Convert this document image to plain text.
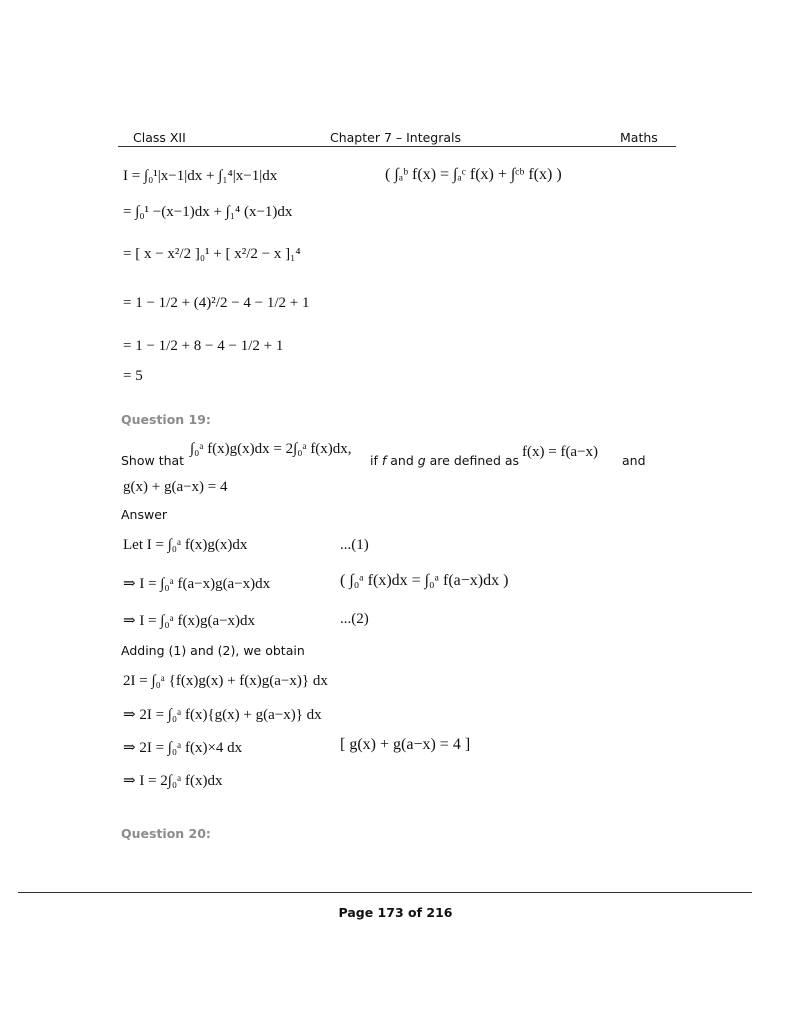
Class XII	Chapter 7 – Integrals	Maths
I = ∫₀¹|x−1|dx + ∫₁⁴|x−1|dx	( ∫ₐᵇ f(x) = ∫ₐᶜ f(x) + ∫ᶜᵇ f(x) )
= ∫₀¹ −(x−1)dx + ∫₁⁴ (x−1)dx
= [ x − x²/2 ]₀¹ + [ x²/2 − x ]₁⁴
= 1 − 1/2 + (4)²/2 − 4 − 1/2 + 1
= 1 − 1/2 + 8 − 4 − 1/2 + 1
= 5
Question 19:
Show that
∫₀ᵃ f(x)g(x)dx = 2∫₀ᵃ f(x)dx,
if f and g are defined as
f(x) = f(a−x)
and
g(x) + g(a−x) = 4
Answer
Let I = ∫₀ᵃ f(x)g(x)dx	...(1)
⇒ I = ∫₀ᵃ f(a−x)g(a−x)dx	( ∫₀ᵃ f(x)dx = ∫₀ᵃ f(a−x)dx )
⇒ I = ∫₀ᵃ f(x)g(a−x)dx	...(2)
Adding (1) and (2), we obtain
2I = ∫₀ᵃ {f(x)g(x) + f(x)g(a−x)} dx
⇒ 2I = ∫₀ᵃ f(x){g(x) + g(a−x)} dx
⇒ 2I = ∫₀ᵃ f(x)×4 dx	[ g(x) + g(a−x) = 4 ]
⇒ I = 2∫₀ᵃ f(x)dx
Question 20:
Page 173 of 216
